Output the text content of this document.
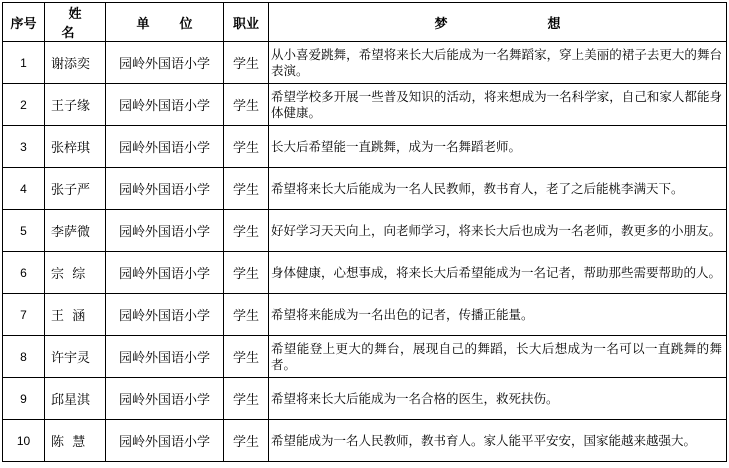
序号	姓名	单位	职业	梦想
1	谢添奕	园岭外国语小学	学生	从小喜爱跳舞，希望将来长大后能成为一名舞蹈家，穿上美丽的裙子去更大的舞台表演。
2	王子缘	园岭外国语小学	学生	希望学校多开展一些普及知识的活动，将来想成为一名科学家，自己和家人都能身体健康。
3	张梓琪	园岭外国语小学	学生	长大后希望能一直跳舞，成为一名舞蹈老师。
4	张子严	园岭外国语小学	学生	希望将来长大后能成为一名人民教师，教书育人，老了之后能桃李满天下。
5	李萨微	园岭外国语小学	学生	好好学习天天向上，向老师学习，将来长大后也成为一名老师，教更多的小朋友。
6	宗  综	园岭外国语小学	学生	身体健康，心想事成，将来长大后希望能成为一名记者，帮助那些需要帮助的人。
7	王  涵	园岭外国语小学	学生	希望将来能成为一名出色的记者，传播正能量。
8	许宇灵	园岭外国语小学	学生	希望能登上更大的舞台，展现自己的舞蹈，长大后想成为一名可以一直跳舞的舞者。
9	邱星淇	园岭外国语小学	学生	希望将来长大后能成为一名合格的医生，救死扶伤。
10	陈  慧	园岭外国语小学	学生	希望能成为一名人民教师，教书育人。家人能平平安安，国家能越来越强大。
